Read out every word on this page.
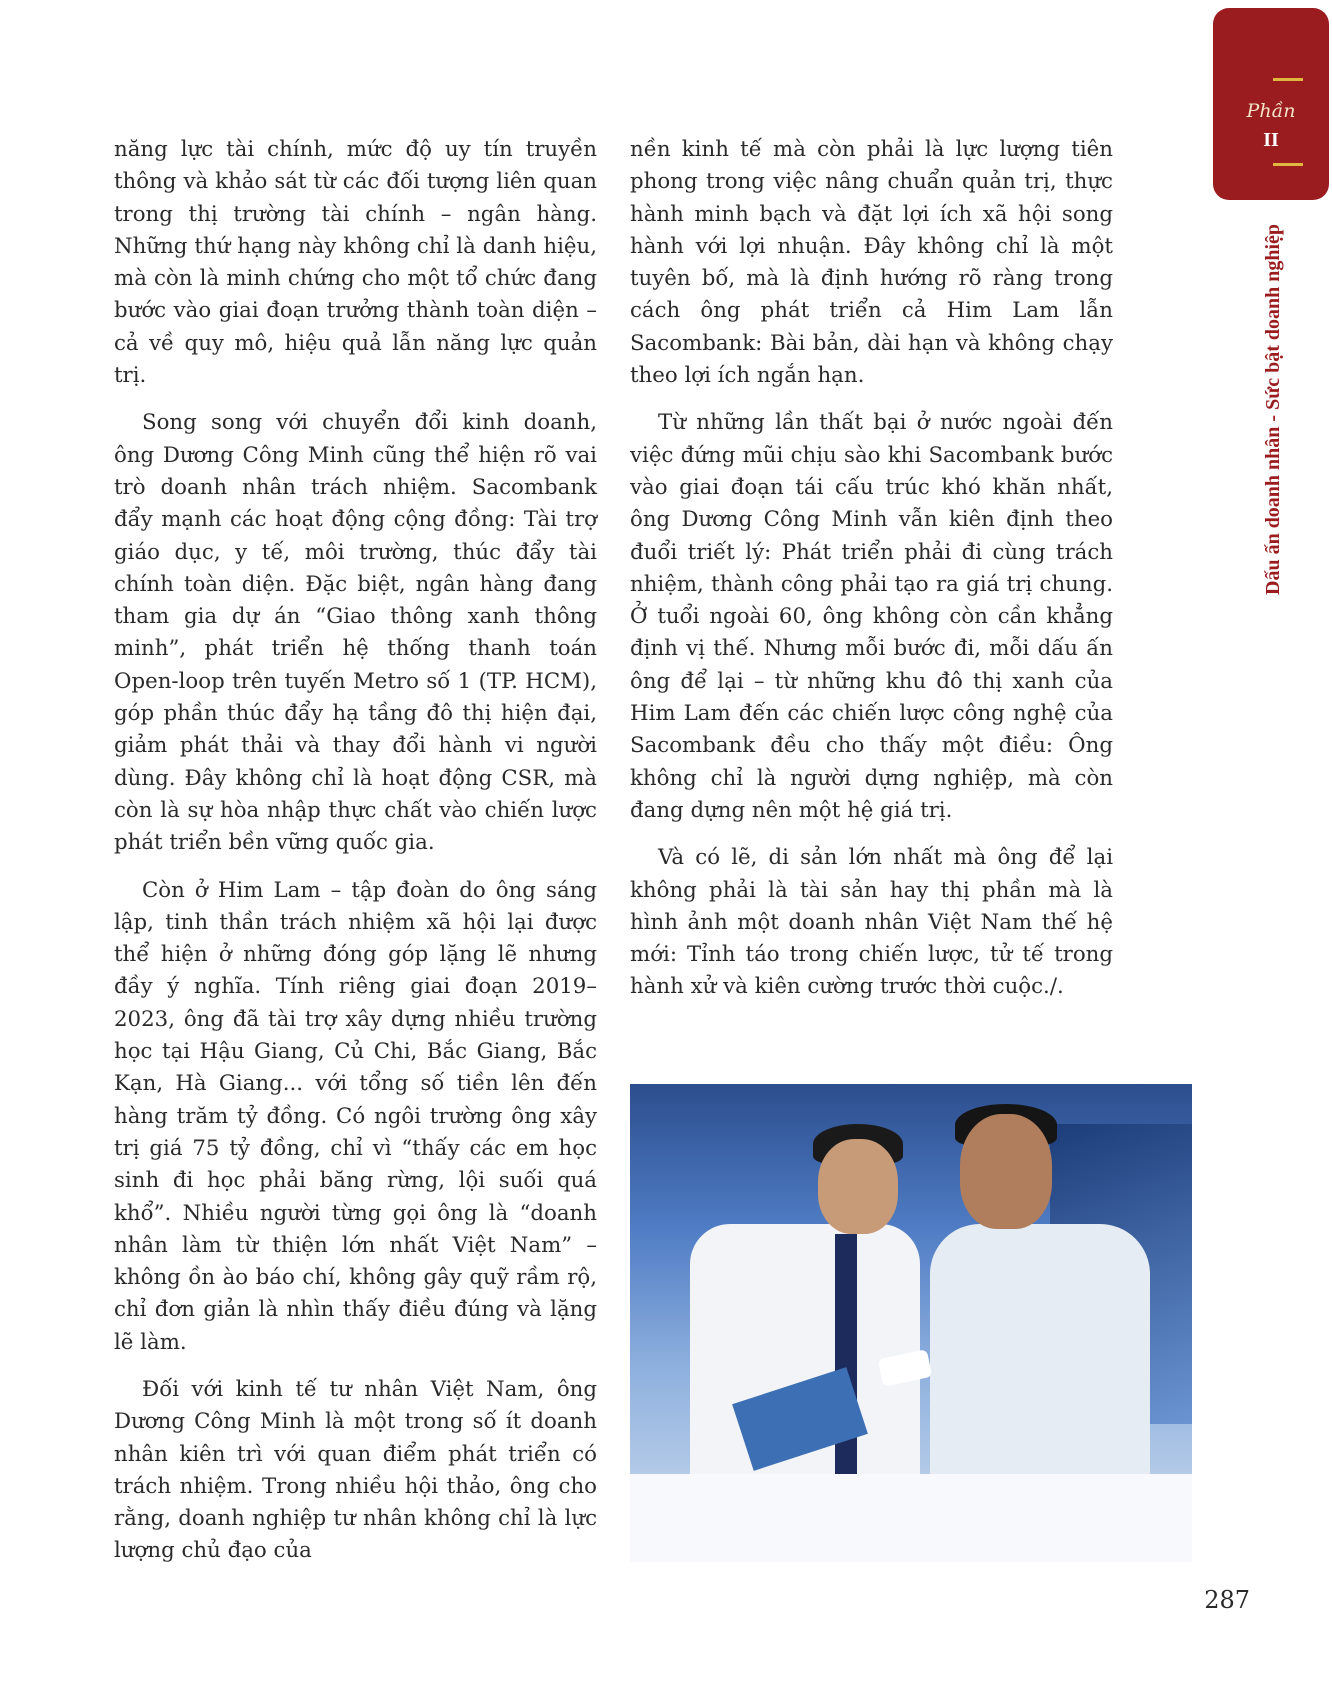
Phần
II
Dấu ấn doanh nhân - Sức bật doanh nghiệp

năng lực tài chính, mức độ uy tín truyền thông và khảo sát từ các đối tượng liên quan trong thị trường tài chính – ngân hàng. Những thứ hạng này không chỉ là danh hiệu, mà còn là minh chứng cho một tổ chức đang bước vào giai đoạn trưởng thành toàn diện – cả về quy mô, hiệu quả lẫn năng lực quản trị.

Song song với chuyển đổi kinh doanh, ông Dương Công Minh cũng thể hiện rõ vai trò doanh nhân trách nhiệm. Sacombank đẩy mạnh các hoạt động cộng đồng: Tài trợ giáo dục, y tế, môi trường, thúc đẩy tài chính toàn diện. Đặc biệt, ngân hàng đang tham gia dự án “Giao thông xanh thông minh”, phát triển hệ thống thanh toán Open-loop trên tuyến Metro số 1 (TP. HCM), góp phần thúc đẩy hạ tầng đô thị hiện đại, giảm phát thải và thay đổi hành vi người dùng. Đây không chỉ là hoạt động CSR, mà còn là sự hòa nhập thực chất vào chiến lược phát triển bền vững quốc gia.

Còn ở Him Lam – tập đoàn do ông sáng lập, tinh thần trách nhiệm xã hội lại được thể hiện ở những đóng góp lặng lẽ nhưng đầy ý nghĩa. Tính riêng giai đoạn 2019–2023, ông đã tài trợ xây dựng nhiều trường học tại Hậu Giang, Củ Chi, Bắc Giang, Bắc Kạn, Hà Giang... với tổng số tiền lên đến hàng trăm tỷ đồng. Có ngôi trường ông xây trị giá 75 tỷ đồng, chỉ vì “thấy các em học sinh đi học phải băng rừng, lội suối quá khổ”. Nhiều người từng gọi ông là “doanh nhân làm từ thiện lớn nhất Việt Nam” – không ồn ào báo chí, không gây quỹ rầm rộ, chỉ đơn giản là nhìn thấy điều đúng và lặng lẽ làm.

Đối với kinh tế tư nhân Việt Nam, ông Dương Công Minh là một trong số ít doanh nhân kiên trì với quan điểm phát triển có trách nhiệm. Trong nhiều hội thảo, ông cho rằng, doanh nghiệp tư nhân không chỉ là lực lượng chủ đạo của

nền kinh tế mà còn phải là lực lượng tiên phong trong việc nâng chuẩn quản trị, thực hành minh bạch và đặt lợi ích xã hội song hành với lợi nhuận. Đây không chỉ là một tuyên bố, mà là định hướng rõ ràng trong cách ông phát triển cả Him Lam lẫn Sacombank: Bài bản, dài hạn và không chạy theo lợi ích ngắn hạn.

Từ những lần thất bại ở nước ngoài đến việc đứng mũi chịu sào khi Sacombank bước vào giai đoạn tái cấu trúc khó khăn nhất, ông Dương Công Minh vẫn kiên định theo đuổi triết lý: Phát triển phải đi cùng trách nhiệm, thành công phải tạo ra giá trị chung. Ở tuổi ngoài 60, ông không còn cần khẳng định vị thế. Nhưng mỗi bước đi, mỗi dấu ấn ông để lại – từ những khu đô thị xanh của Him Lam đến các chiến lược công nghệ của Sacombank đều cho thấy một điều: Ông không chỉ là người dựng nghiệp, mà còn đang dựng nên một hệ giá trị.

Và có lẽ, di sản lớn nhất mà ông để lại không phải là tài sản hay thị phần mà là hình ảnh một doanh nhân Việt Nam thế hệ mới: Tỉnh táo trong chiến lược, tử tế trong hành xử và kiên cường trước thời cuộc./.

287
